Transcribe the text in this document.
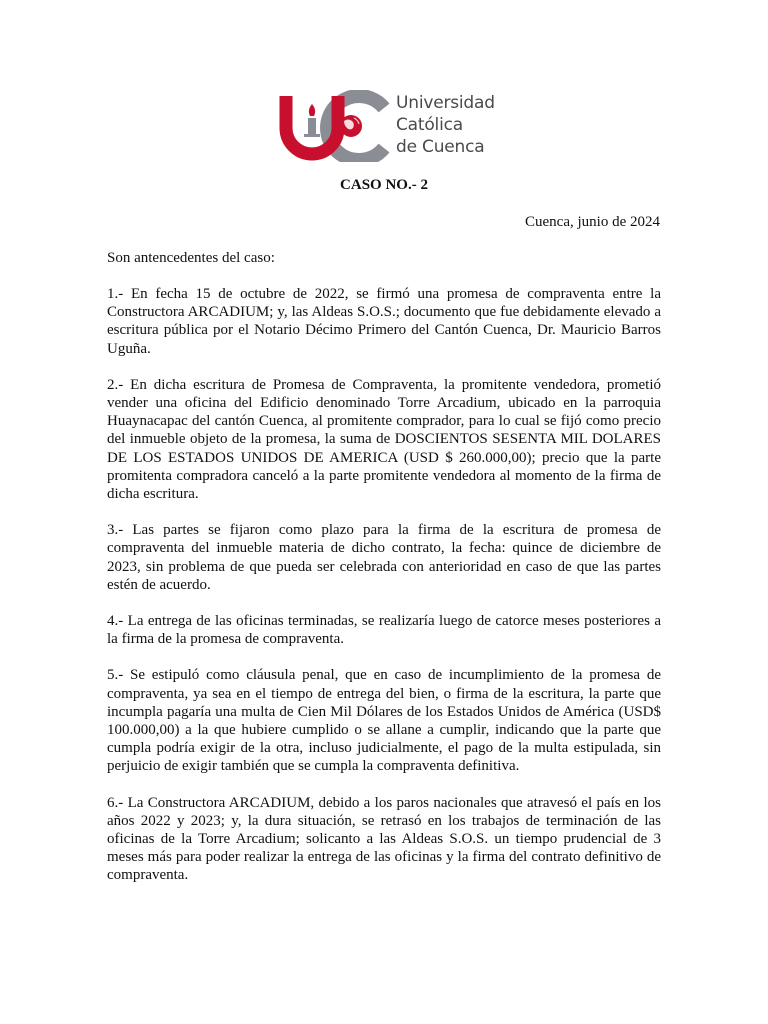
Universidad
Católica
de Cuenca
CASO NO.- 2
Cuenca, junio de 2024
Son antencedentes del caso:

1.- En fecha 15 de octubre de 2022, se firmó una promesa de compraventa entre la Constructora ARCADIUM; y, las Aldeas S.O.S.; documento que fue debidamente elevado a escritura pública por el Notario Décimo Primero del Cantón Cuenca, Dr. Mauricio Barros Uguña.

2.- En dicha escritura de Promesa de Compraventa, la promitente vendedora, prometió vender una oficina del Edificio denominado Torre Arcadium, ubicado en la parroquia Huaynacapac del cantón Cuenca, al promitente comprador, para lo cual se fijó como precio del inmueble objeto de la promesa, la suma de DOSCIENTOS SESENTA MIL DOLARES DE LOS ESTADOS UNIDOS DE AMERICA (USD $ 260.000,00); precio que la parte promitenta compradora canceló a la parte promitente vendedora al momento de la firma de dicha escritura.

3.- Las partes se fijaron como plazo para la firma de la escritura de promesa de compraventa del inmueble materia de dicho contrato, la fecha: quince de diciembre de 2023, sin problema de que pueda ser celebrada con anterioridad en caso de que las partes estén de acuerdo.

4.- La entrega de las oficinas terminadas, se realizaría luego de catorce meses posteriores a la firma de la promesa de compraventa.

5.- Se estipuló como cláusula penal, que en caso de incumplimiento de la promesa de compraventa, ya sea en el tiempo de entrega del bien, o firma de la escritura, la parte que incumpla pagaría una multa de Cien Mil Dólares de los Estados Unidos de América (USD$ 100.000,00) a la que hubiere cumplido o se allane a cumplir, indicando que la parte que cumpla podría exigir de la otra, incluso judicialmente, el pago de la multa estipulada, sin perjuicio de exigir también que se cumpla la compraventa definitiva.

6.- La Constructora ARCADIUM, debido a los paros nacionales que atravesó el país en los años 2022 y 2023; y, la dura situación, se retrasó en los trabajos de terminación de las oficinas de la Torre Arcadium; solicanto a las Aldeas S.O.S. un tiempo prudencial de 3 meses más para poder realizar la entrega de las oficinas y la firma del contrato definitivo de compraventa.
